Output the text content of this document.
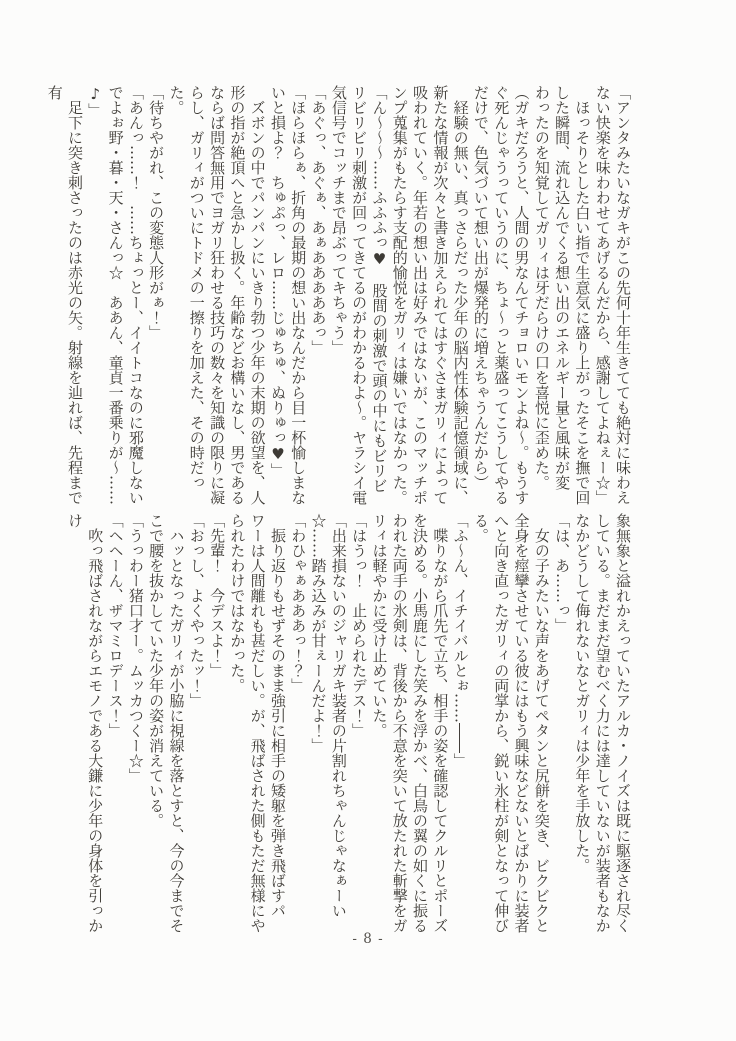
「アンタみたいなガキがこの先何十年生きてても絶対に味わえない快楽を味わわせてあげるんだから、感謝してよねぇー☆」

　ほっそりとした白い指で生意気に盛り上がったそこを撫で回した瞬間、流れ込んでくる想い出のエネルギー量と風味が変わったのを知覚してガリィは牙だらけの口を喜悦に歪めた。

（ガキだろうと、人間の男なんてチョロいモンよね〜。もうすぐ死んじゃうっていうのに、ちょ〜っと薬盛ってこうしてやるだけで、色気づいて想い出が爆発的に増えちゃうんだから）

　経験の無い、真っさらだった少年の脳内性体験記憶領域に、新たな情報が次々と書き加えられてはすぐさまガリィによって吸われていく。年若の想い出は好みではないが、このマッチポンプ蒐集がもたらす支配的愉悦をガリィは嫌いではなかった。

「ん〜〜〜……ふふふっ♥　股間の刺激で頭の中にもビリビリビリビリ刺激が回ってきてるのがわかるわよ〜。ヤラシイ電気信号でコッチまで昂ぶってキちゃう」

「あぐっ、あぐぁ、あぁあああああっ」

「ほらほらぁ、折角の最期の想い出なんだから目一杯愉しまないと損よ？　ちゅぷっ、レロ……じゅちゅ、ぬりゅっ♥」

　ズボンの中でパンパンにいきり勃つ少年の末期の欲望を、人形の指が絶頂へと急かし扱く。年齢などお構いなし、男であるならば問答無用でヨガリ狂わせる技巧の数々を知識の限りに凝らし、ガリィがついにトドメの一擦りを加えた、その時だった。

「待ちやがれ、この変態人形がぁ！」

「あんっ……！　……ちょっとー、イイトコなのに邪魔しないでよぉ野・暮・天・さんっ☆　ああん、童貞一番乗りが〜……♪」

　足下に突き刺さったのは赤光の矢。射線を辿れば、先程まで有

象無象と溢れかえっていたアルカ・ノイズは既に駆逐され尽くしている。まだまだ望むべく力には達していないが装者もなかなかどうして侮れないなとガリィは少年を手放した。

「は、あ……っ」

　女の子みたいな声をあげてペタンと尻餅を突き、ビクビクと全身を痙攣させている彼にはもう興味などないとばかりに装者へと向き直ったガリィの両掌から、鋭い氷柱が剣となって伸びる。

「ふ〜ん、イチイバルとぉ……――」

　喋りながら爪先で立ち、相手の姿を確認してクルリとポーズを決める。小馬鹿にした笑みを浮かべ、白鳥の翼の如くに振るわれた両手の氷剣は、背後から不意を突いて放たれた斬撃をガリィは軽やかに受け止めていた。

「はうっ！　止められたデス！」

「出来損ないのジャリガキ装者の片割れちゃんじゃなぁーい☆……踏み込みが甘ぇーんだよ！」

「わひゃぁあああっ！？」

　振り返りもせずそのまま強引に相手の矮躯を弾き飛ばすパワーは人間離れも甚だしい。が、飛ばされた側もただ無様にやられたわけではなかった。

「先輩！　今デスよ！」

「おっし、よくやったッ！」

　ハッとなったガリィが小脇に視線を落とすと、今の今までそこで腰を抜かしていた少年の姿が消えている。

「うっわー猪口才ー。ムッカつくー☆」

「ヘヘーん、ザマミロデース！」

　吹っ飛ばされながらエモノである大鎌に少年の身体を引っかけ

- 8 -
